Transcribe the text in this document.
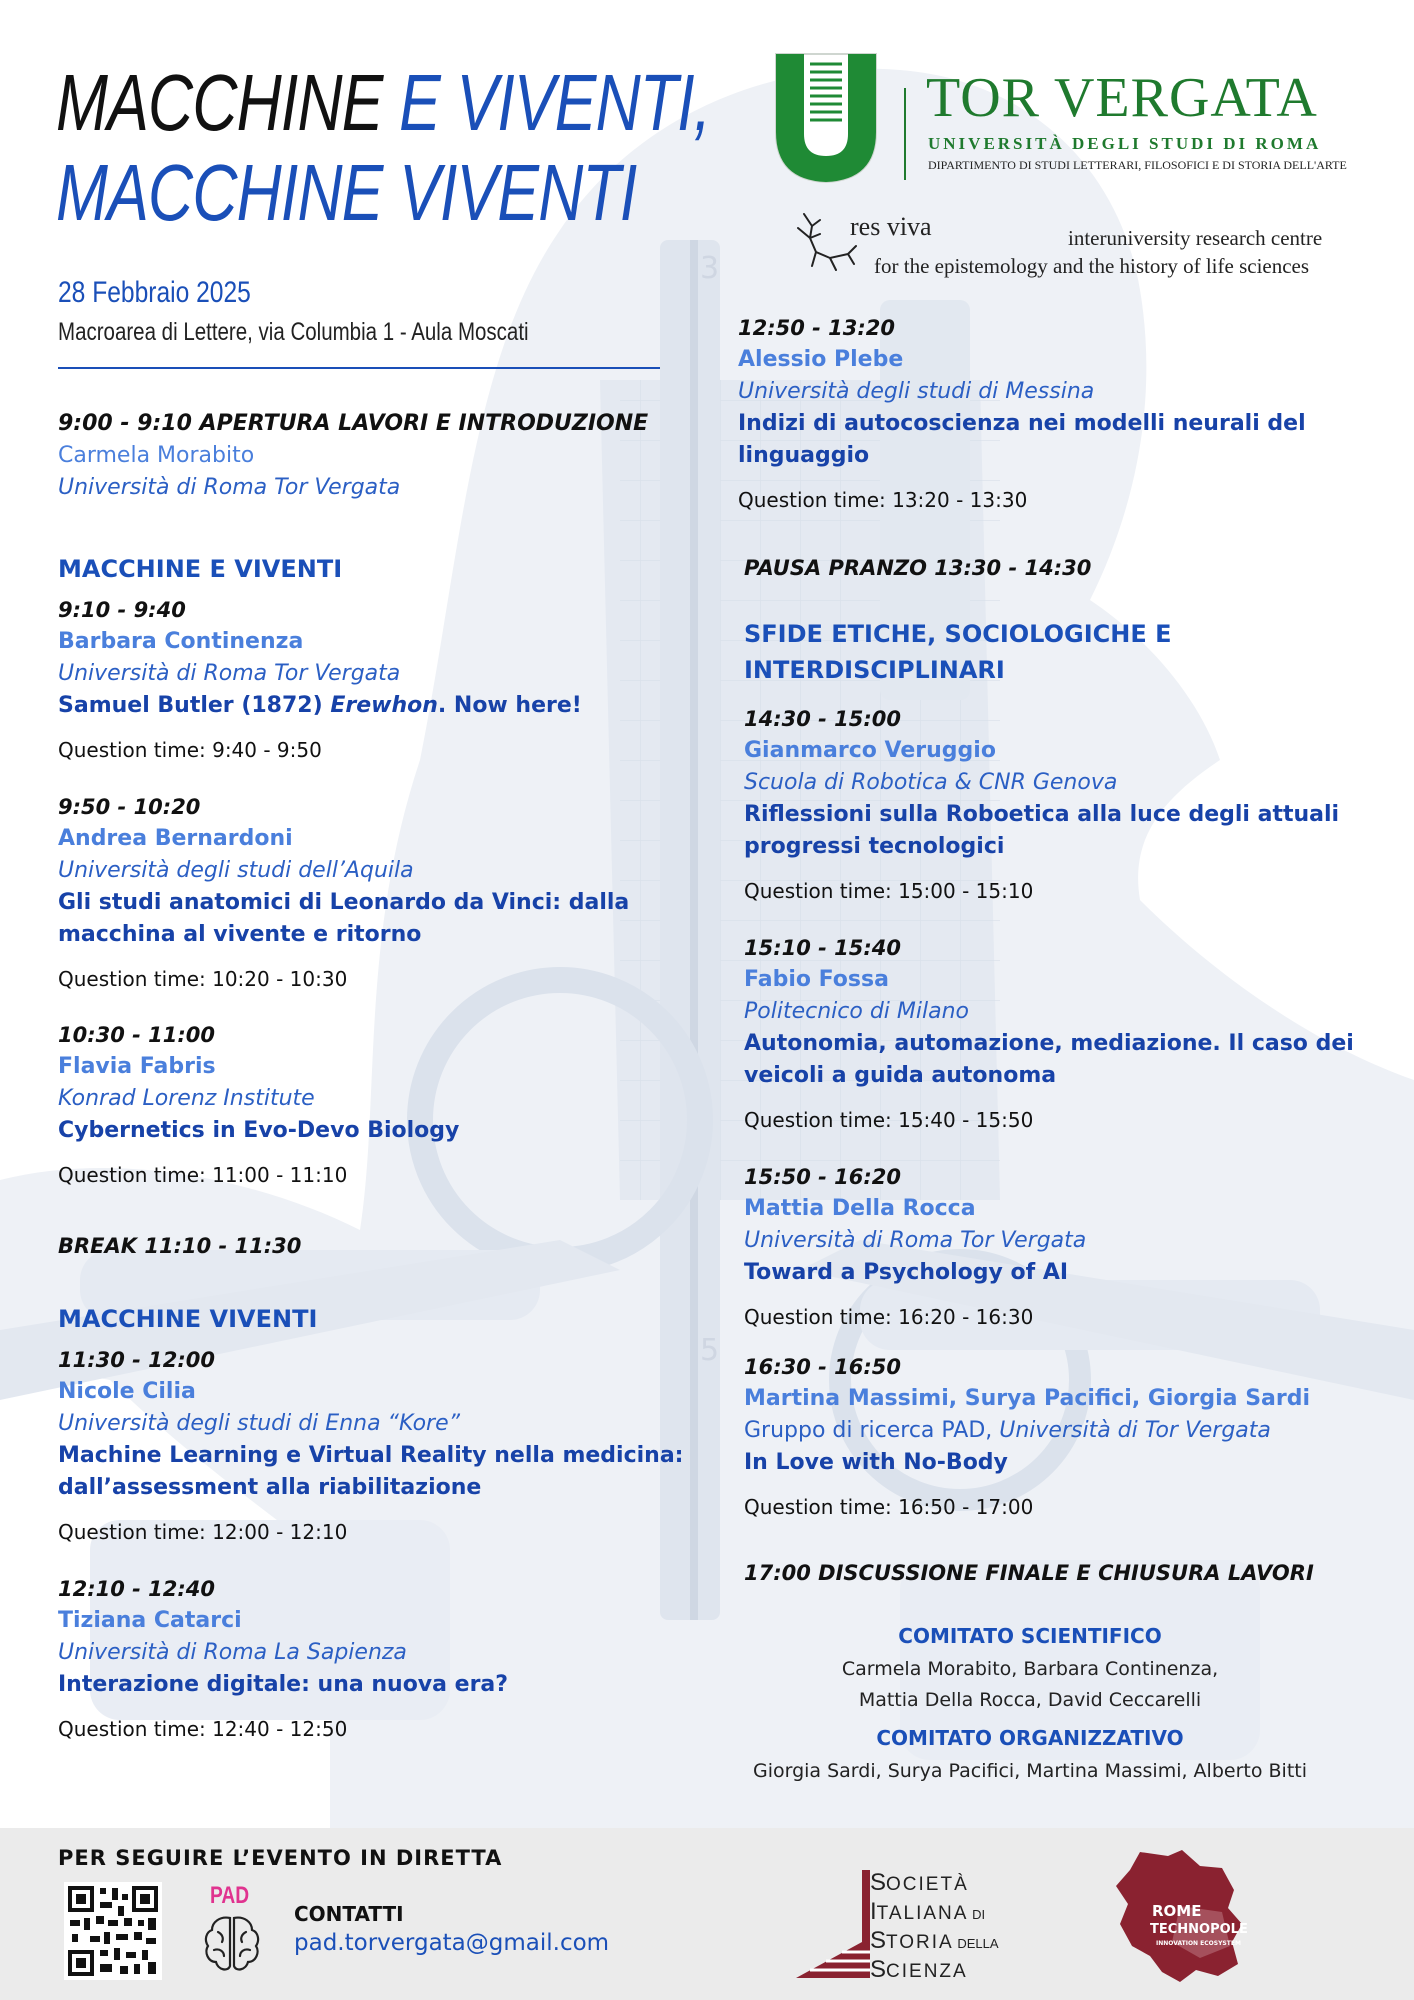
3
5
MACCHINE E VIVENTI,
MACCHINE VIVENTI
28 Febbraio 2025
Macroarea di Lettere, via Columbia 1 - Aula Moscati
TOR VERGATA
UNIVERSITÀ DEGLI STUDI DI ROMA
DIPARTIMENTO DI STUDI LETTERARI, FILOSOFICI E DI STORIA DELL'ARTE
res viva	interuniversity research centre
for the epistemology and the history of life sciences
9:00 - 9:10 APERTURA LAVORI E INTRODUZIONE
Carmela Morabito
Università di Roma Tor Vergata
MACCHINE E VIVENTI
9:10 - 9:40
Barbara Continenza
Università di Roma Tor Vergata
Samuel Butler (1872) Erewhon. Now here!
Question time: 9:40 - 9:50
9:50 - 10:20
Andrea Bernardoni
Università degli studi dell’Aquila
Gli studi anatomici di Leonardo da Vinci: dalla
macchina al vivente e ritorno
Question time: 10:20 - 10:30
10:30 - 11:00
Flavia Fabris
Konrad Lorenz Institute
Cybernetics in Evo-Devo Biology
Question time: 11:00 - 11:10
BREAK 11:10 - 11:30
MACCHINE VIVENTI
11:30 - 12:00
Nicole Cilia
Università degli studi di Enna “Kore”
Machine Learning e Virtual Reality nella medicina:
dall’assessment alla riabilitazione
Question time: 12:00 - 12:10
12:10 - 12:40
Tiziana Catarci
Università di Roma La Sapienza
Interazione digitale: una nuova era?
Question time: 12:40 - 12:50
12:50 - 13:20
Alessio Plebe
Università degli studi di Messina
Indizi di autocoscienza nei modelli neurali del
linguaggio
Question time: 13:20 - 13:30
PAUSA PRANZO 13:30 - 14:30
SFIDE ETICHE, SOCIOLOGICHE E
INTERDISCIPLINARI
14:30 - 15:00
Gianmarco Veruggio
Scuola di Robotica & CNR Genova
Riflessioni sulla Roboetica alla luce degli attuali
progressi tecnologici
Question time: 15:00 - 15:10
15:10 - 15:40
Fabio Fossa
Politecnico di Milano
Autonomia, automazione, mediazione. Il caso dei
veicoli a guida autonoma
Question time: 15:40 - 15:50
15:50 - 16:20
Mattia Della Rocca
Università di Roma Tor Vergata
Toward a Psychology of AI
Question time: 16:20 - 16:30
16:30 - 16:50
Martina Massimi, Surya Pacifici, Giorgia Sardi
Gruppo di ricerca PAD, Università di Tor Vergata
In Love with No-Body
Question time: 16:50 - 17:00
17:00 DISCUSSIONE FINALE E CHIUSURA LAVORI
COMITATO SCIENTIFICO
Carmela Morabito, Barbara Continenza,
Mattia Della Rocca, David Ceccarelli
COMITATO ORGANIZZATIVO
Giorgia Sardi, Surya Pacifici, Martina Massimi, Alberto Bitti
PER SEGUIRE L’EVENTO IN DIRETTA
PAD
CONTATTI
pad.torvergata@gmail.com
SOCIETÀ
ITALIANA DI
STORIA DELLA
SCIENZA
ROME
TECHNOPOLE
INNOVATION ECOSYSTEM
